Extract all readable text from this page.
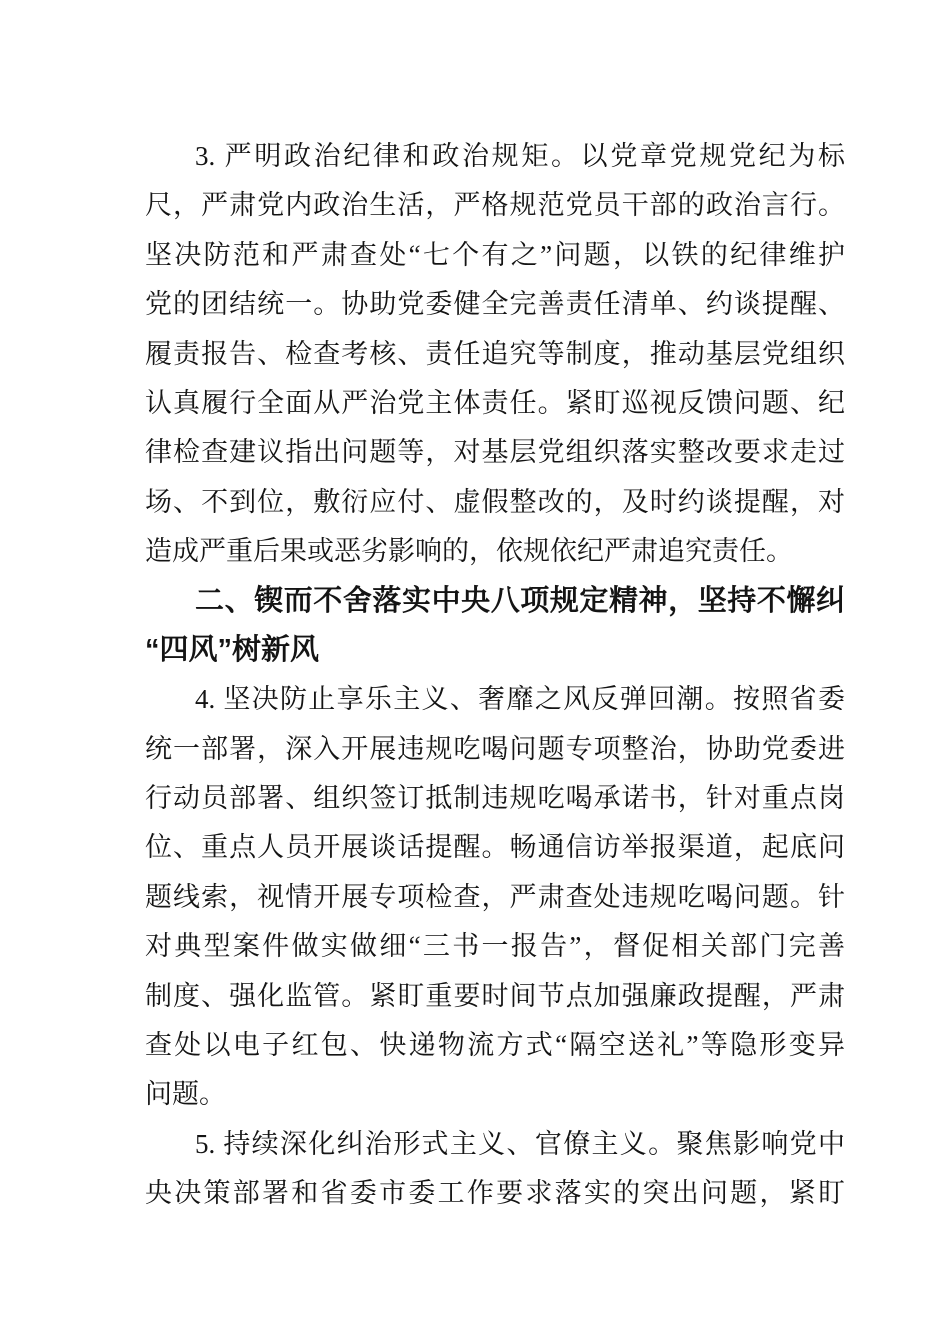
3. 严明政治纪律和政治规矩。以党章党规党纪为标
尺，严肃党内政治生活，严格规范党员干部的政治言行。
坚决防范和严肃查处“七个有之”问题，以铁的纪律维护
党的团结统一。协助党委健全完善责任清单、约谈提醒、
履责报告、检查考核、责任追究等制度，推动基层党组织
认真履行全面从严治党主体责任。紧盯巡视反馈问题、纪
律检查建议指出问题等，对基层党组织落实整改要求走过
场、不到位，敷衍应付、虚假整改的，及时约谈提醒，对
造成严重后果或恶劣影响的，依规依纪严肃追究责任。
二、锲而不舍落实中央八项规定精神，坚持不懈纠
“四风”树新风
4. 坚决防止享乐主义、奢靡之风反弹回潮。按照省委
统一部署，深入开展违规吃喝问题专项整治，协助党委进
行动员部署、组织签订抵制违规吃喝承诺书，针对重点岗
位、重点人员开展谈话提醒。畅通信访举报渠道，起底问
题线索，视情开展专项检查，严肃查处违规吃喝问题。针
对典型案件做实做细“三书一报告”，督促相关部门完善
制度、强化监管。紧盯重要时间节点加强廉政提醒，严肃
查处以电子红包、快递物流方式“隔空送礼”等隐形变异
问题。
5. 持续深化纠治形式主义、官僚主义。聚焦影响党中
央决策部署和省委市委工作要求落实的突出问题，紧盯
